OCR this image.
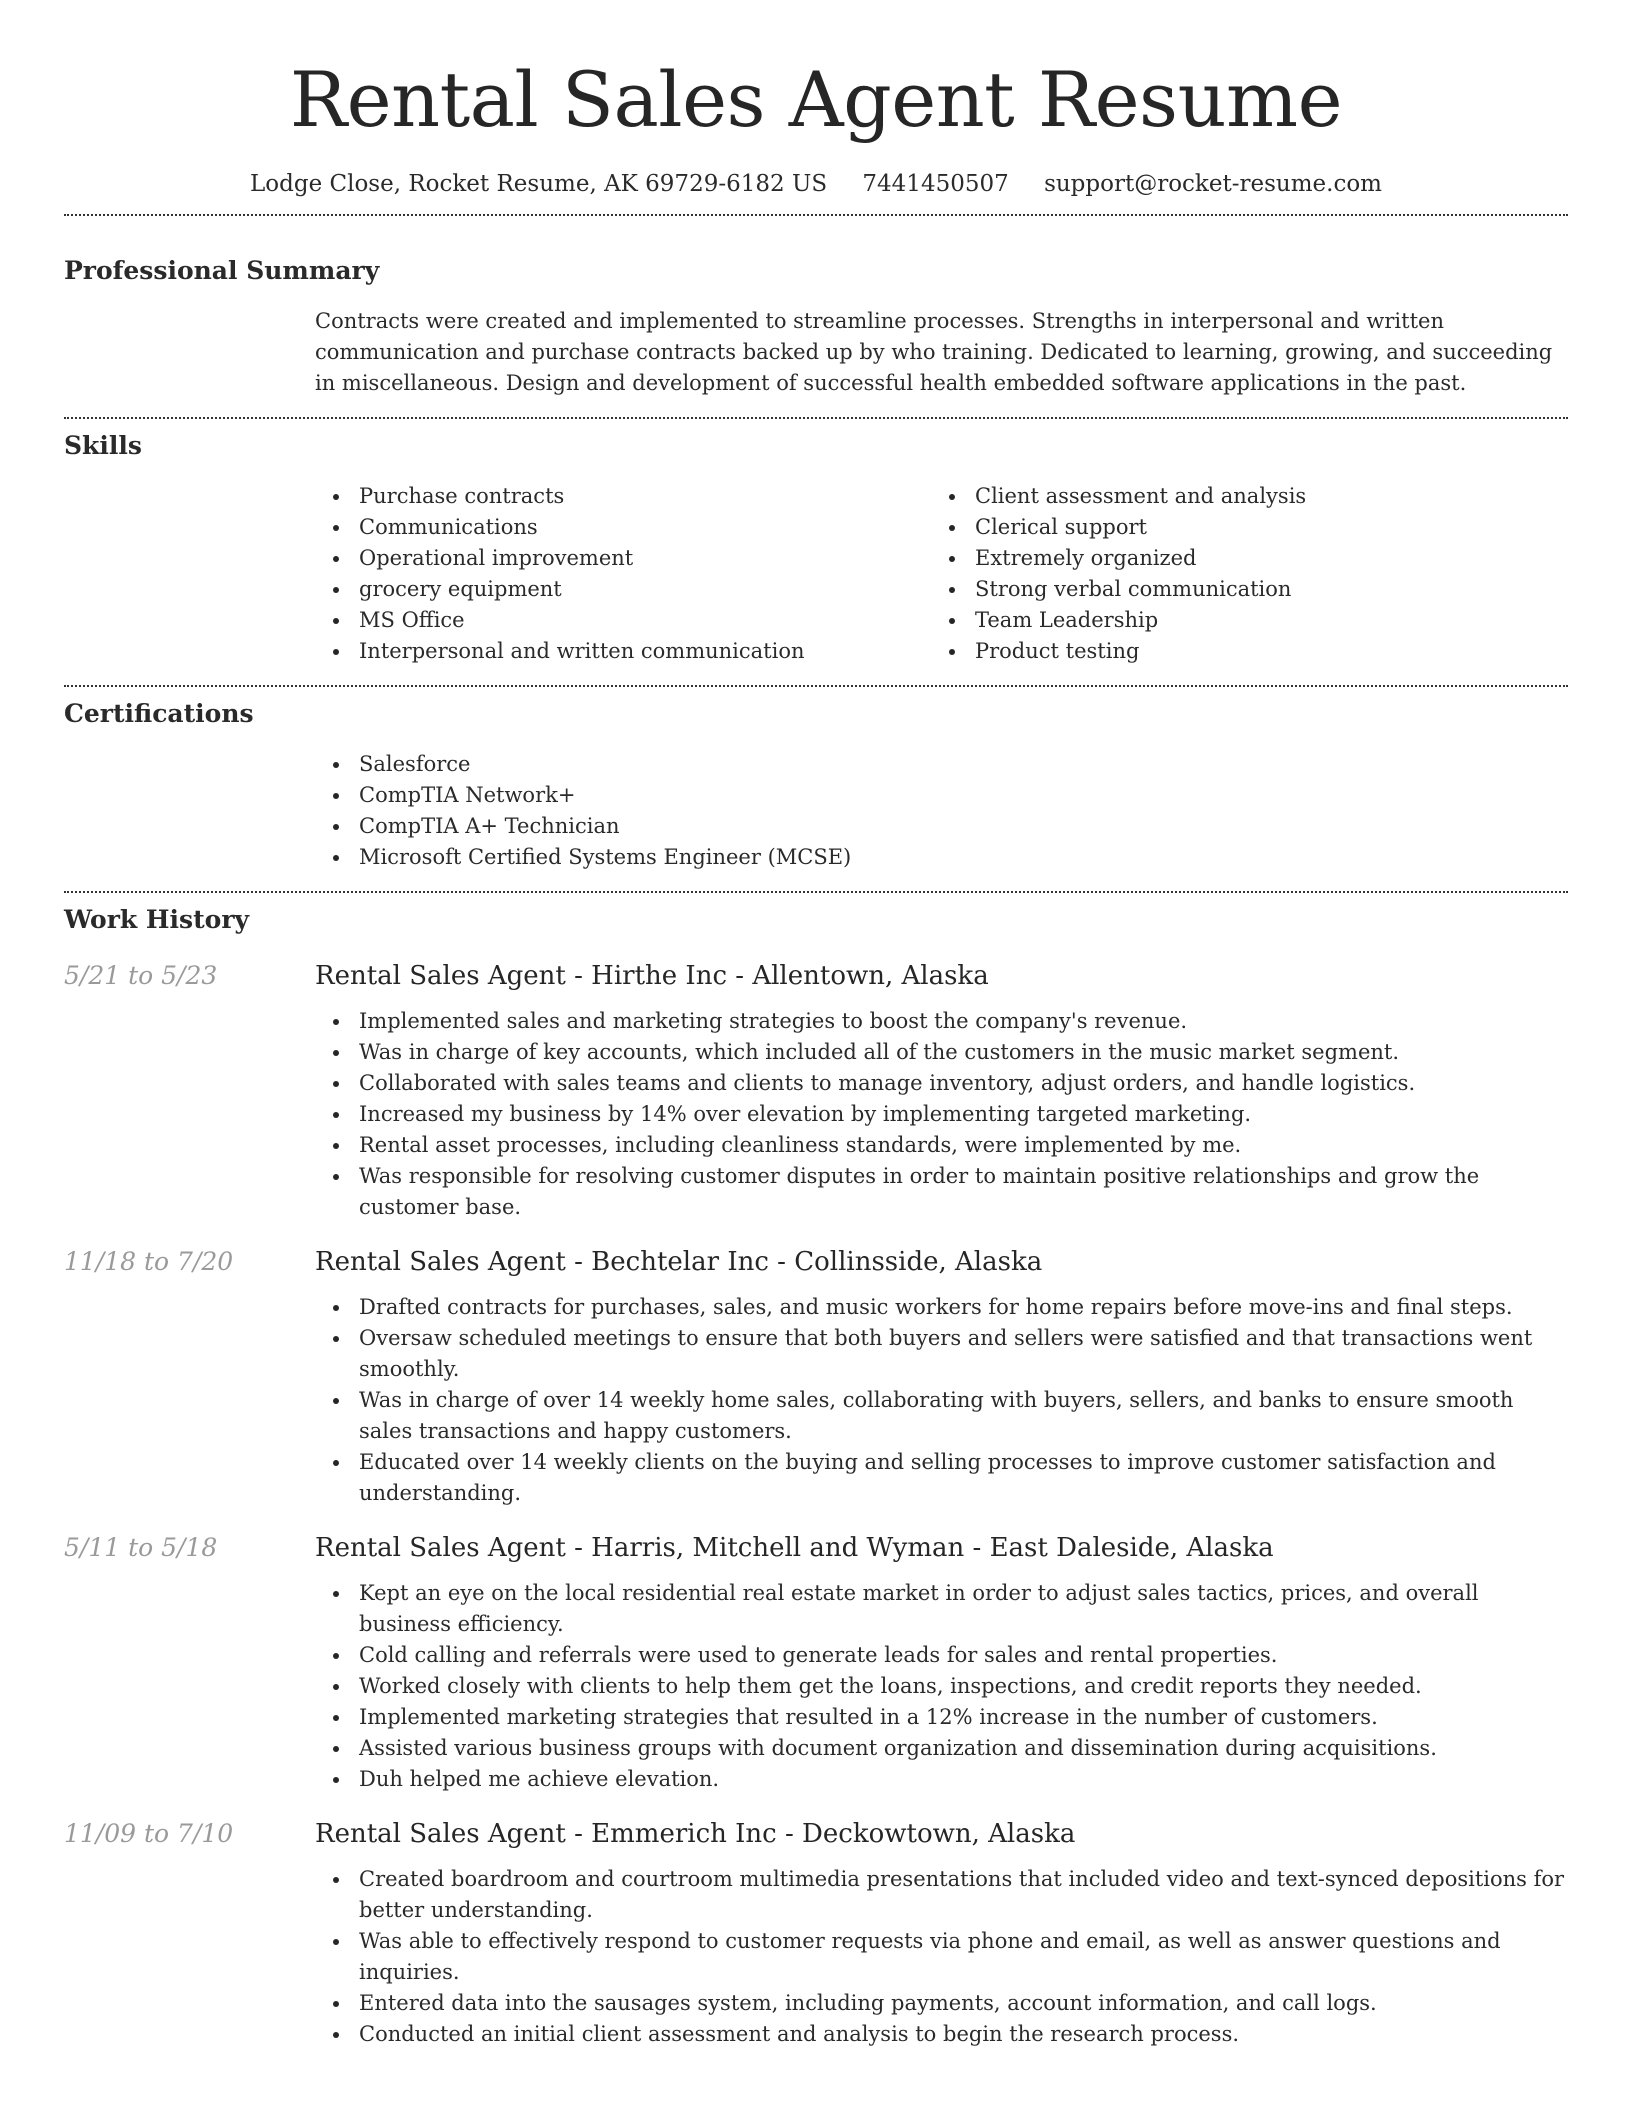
Rental Sales Agent Resume
Lodge Close, Rocket Resume, AK 69729-6182 US 7441450507 support@rocket-resume.com
Professional Summary

Contracts were created and implemented to streamline processes. Strengths in interpersonal and written communication and purchase contracts backed up by who training. Dedicated to learning, growing, and succeeding in miscellaneous. Design and development of successful health embedded software applications in the past.

Skills
Purchase contracts
Communications
Operational improvement
grocery equipment
MS Office
Interpersonal and written communication
Client assessment and analysis
Clerical support
Extremely organized
Strong verbal communication
Team Leadership
Product testing
Certifications
Salesforce
CompTIA Network+
CompTIA A+ Technician
Microsoft Certified Systems Engineer (MCSE)
Work History
5/21 to 5/23	Rental Sales Agent - Hirthe Inc - Allentown, Alaska
Implemented sales and marketing strategies to boost the company's revenue.
Was in charge of key accounts, which included all of the customers in the music market segment.
Collaborated with sales teams and clients to manage inventory, adjust orders, and handle logistics.
Increased my business by 14% over elevation by implementing targeted marketing.
Rental asset processes, including cleanliness standards, were implemented by me.
Was responsible for resolving customer disputes in order to maintain positive relationships and grow the customer base.
11/18 to 7/20	Rental Sales Agent - Bechtelar Inc - Collinsside, Alaska
Drafted contracts for purchases, sales, and music workers for home repairs before move-ins and final steps.
Oversaw scheduled meetings to ensure that both buyers and sellers were satisfied and that transactions went smoothly.
Was in charge of over 14 weekly home sales, collaborating with buyers, sellers, and banks to ensure smooth sales transactions and happy customers.
Educated over 14 weekly clients on the buying and selling processes to improve customer satisfaction and understanding.
5/11 to 5/18	Rental Sales Agent - Harris, Mitchell and Wyman - East Daleside, Alaska
Kept an eye on the local residential real estate market in order to adjust sales tactics, prices, and overall business efficiency.
Cold calling and referrals were used to generate leads for sales and rental properties.
Worked closely with clients to help them get the loans, inspections, and credit reports they needed.
Implemented marketing strategies that resulted in a 12% increase in the number of customers.
Assisted various business groups with document organization and dissemination during acquisitions.
Duh helped me achieve elevation.
11/09 to 7/10	Rental Sales Agent - Emmerich Inc - Deckowtown, Alaska
Created boardroom and courtroom multimedia presentations that included video and text-synced depositions for better understanding.
Was able to effectively respond to customer requests via phone and email, as well as answer questions and inquiries.
Entered data into the sausages system, including payments, account information, and call logs.
Conducted an initial client assessment and analysis to begin the research process.
